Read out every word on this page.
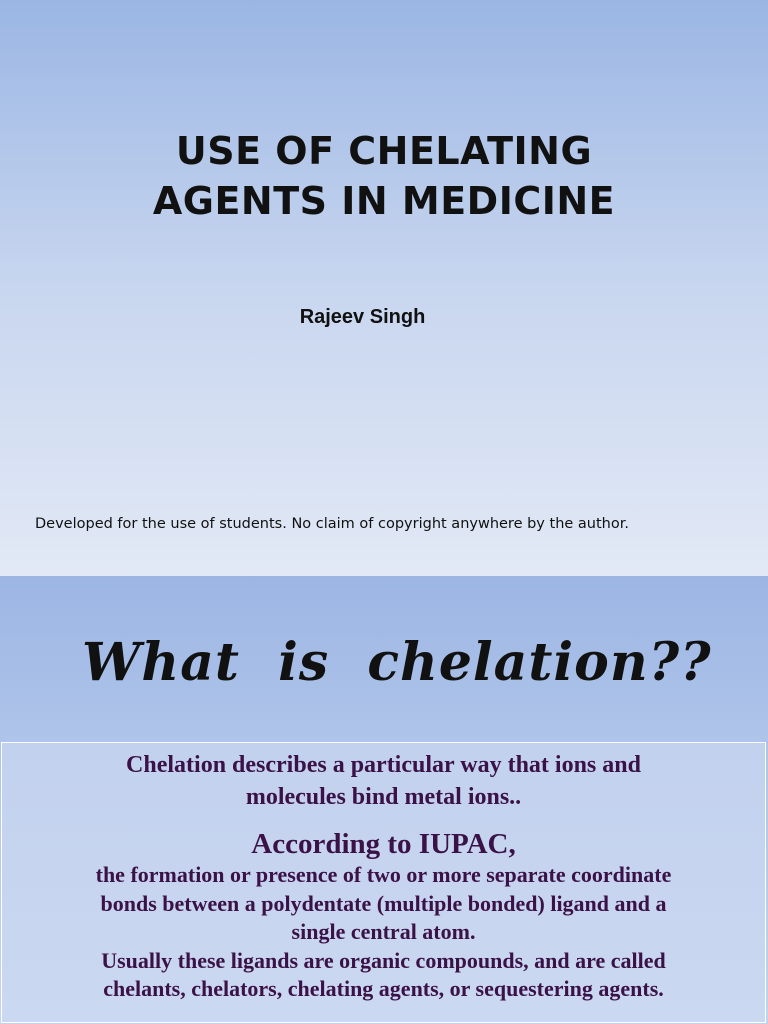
USE OF CHELATING
AGENTS IN MEDICINE
Rajeev Singh
Developed for the use of students. No claim of copyright anywhere by the author.
What  is  chelation??

Chelation describes a particular way that ions and
molecules bind metal ions..

According to IUPAC,

the formation or presence of two or more separate coordinate
bonds between a polydentate (multiple bonded) ligand and a
single central atom.
Usually these ligands are organic compounds, and are called
chelants, chelators, chelating agents, or sequestering agents.
